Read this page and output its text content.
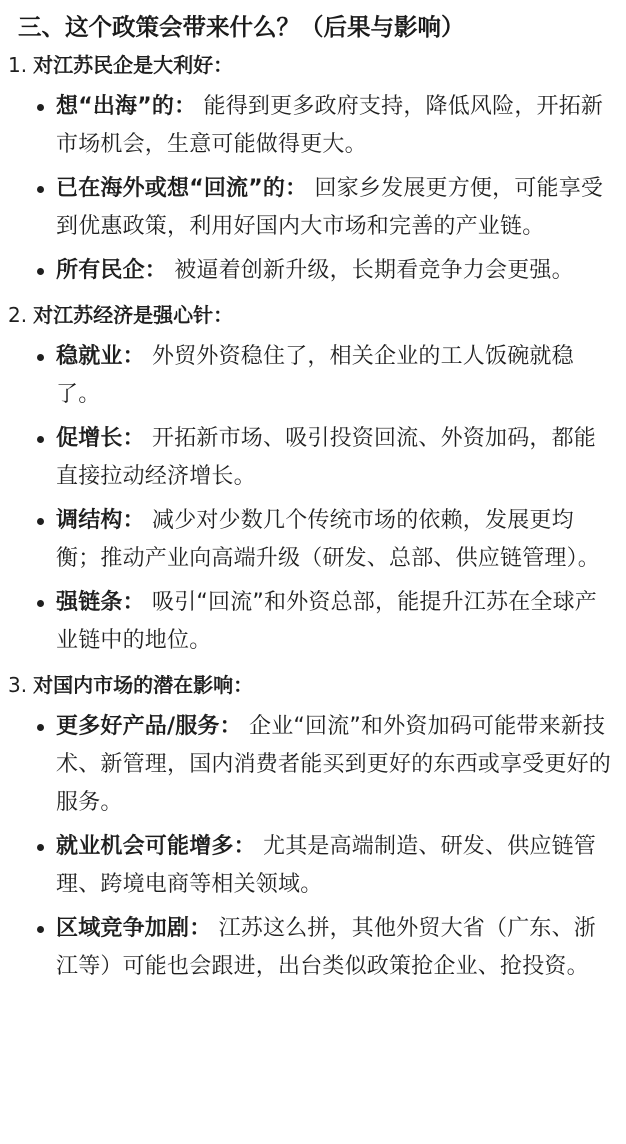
三、这个政策会带来什么？（后果与影响）
1. 对江苏民企是大利好：
想“出海”的： 能得到更多政府支持，降低风险，开拓新市场机会，生意可能做得更大。
已在海外或想“回流”的： 回家乡发展更方便，可能享受到优惠政策，利用好国内大市场和完善的产业链。
所有民企： 被逼着创新升级，长期看竞争力会更强。
2. 对江苏经济是强心针：
稳就业： 外贸外资稳住了，相关企业的工人饭碗就稳了。
促增长： 开拓新市场、吸引投资回流、外资加码，都能直接拉动经济增长。
调结构： 减少对少数几个传统市场的依赖，发展更均衡；推动产业向高端升级（研发、总部、供应链管理）。
强链条： 吸引“回流”和外资总部，能提升江苏在全球产业链中的地位。
3. 对国内市场的潜在影响：
更多好产品/服务： 企业“回流”和外资加码可能带来新技术、新管理，国内消费者能买到更好的东西或享受更好的服务。
就业机会可能增多： 尤其是高端制造、研发、供应链管理、跨境电商等相关领域。
区域竞争加剧： 江苏这么拼，其他外贸大省（广东、浙江等）可能也会跟进，出台类似政策抢企业、抢投资。
